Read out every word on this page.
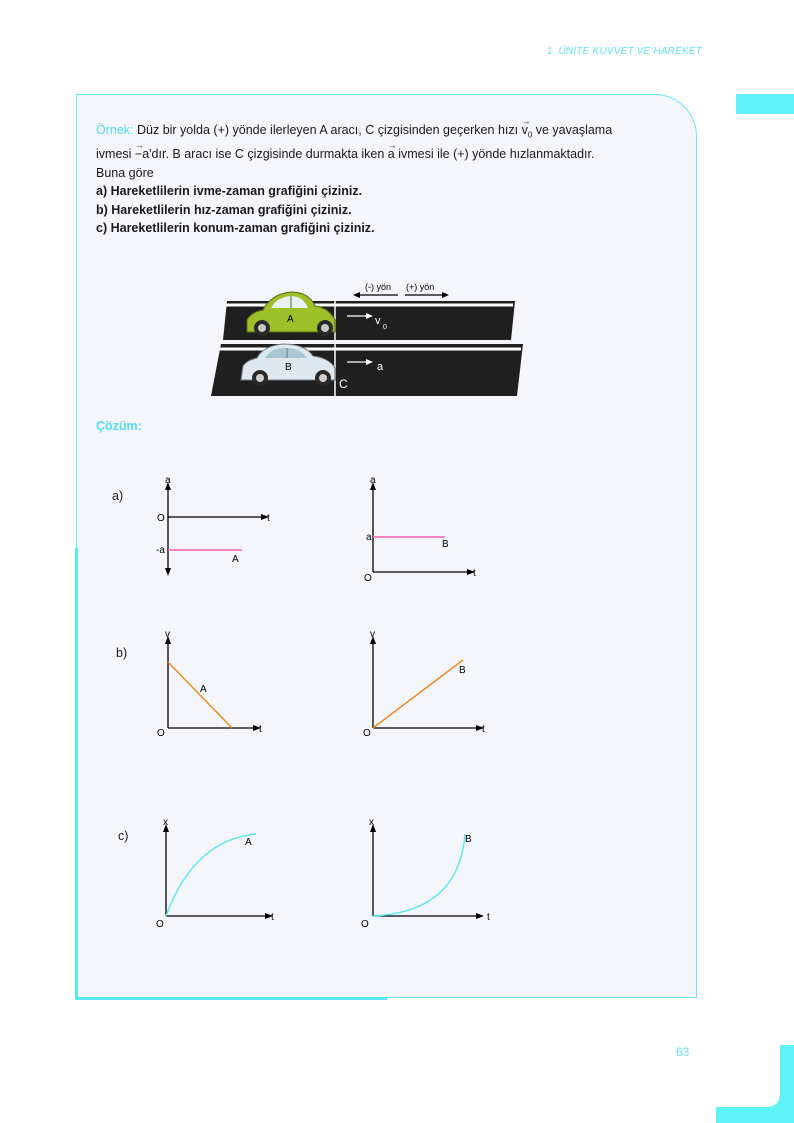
1. ÜNİTE KUVVET VE HAREKET
Örnek: Düz bir yolda (+) yönde ilerleyen A aracı, C çizgisinden geçerken hızı → $v_0$ ve yavaşlama
ivmesi → −a'dır. B aracı ise C çizgisinde durmakta iken → a ivmesi ile (+) yönde hızlanmaktadır.
Buna göre
a) Hareketlilerin ivme-zaman grafiğini çiziniz.
b) Hareketlilerin hız-zaman grafiğini çiziniz.
c) Hareketlilerin konum-zaman grafiğini çiziniz.
C
(-) yön (+) yön
A	v
0
B	a
Çözüm:
a)
b)
c)
a
t
O
-a
A
a
t
O
a
B
v
t
O
A
v
t
O
B
x
t
O
A
x
t
O
B
63
